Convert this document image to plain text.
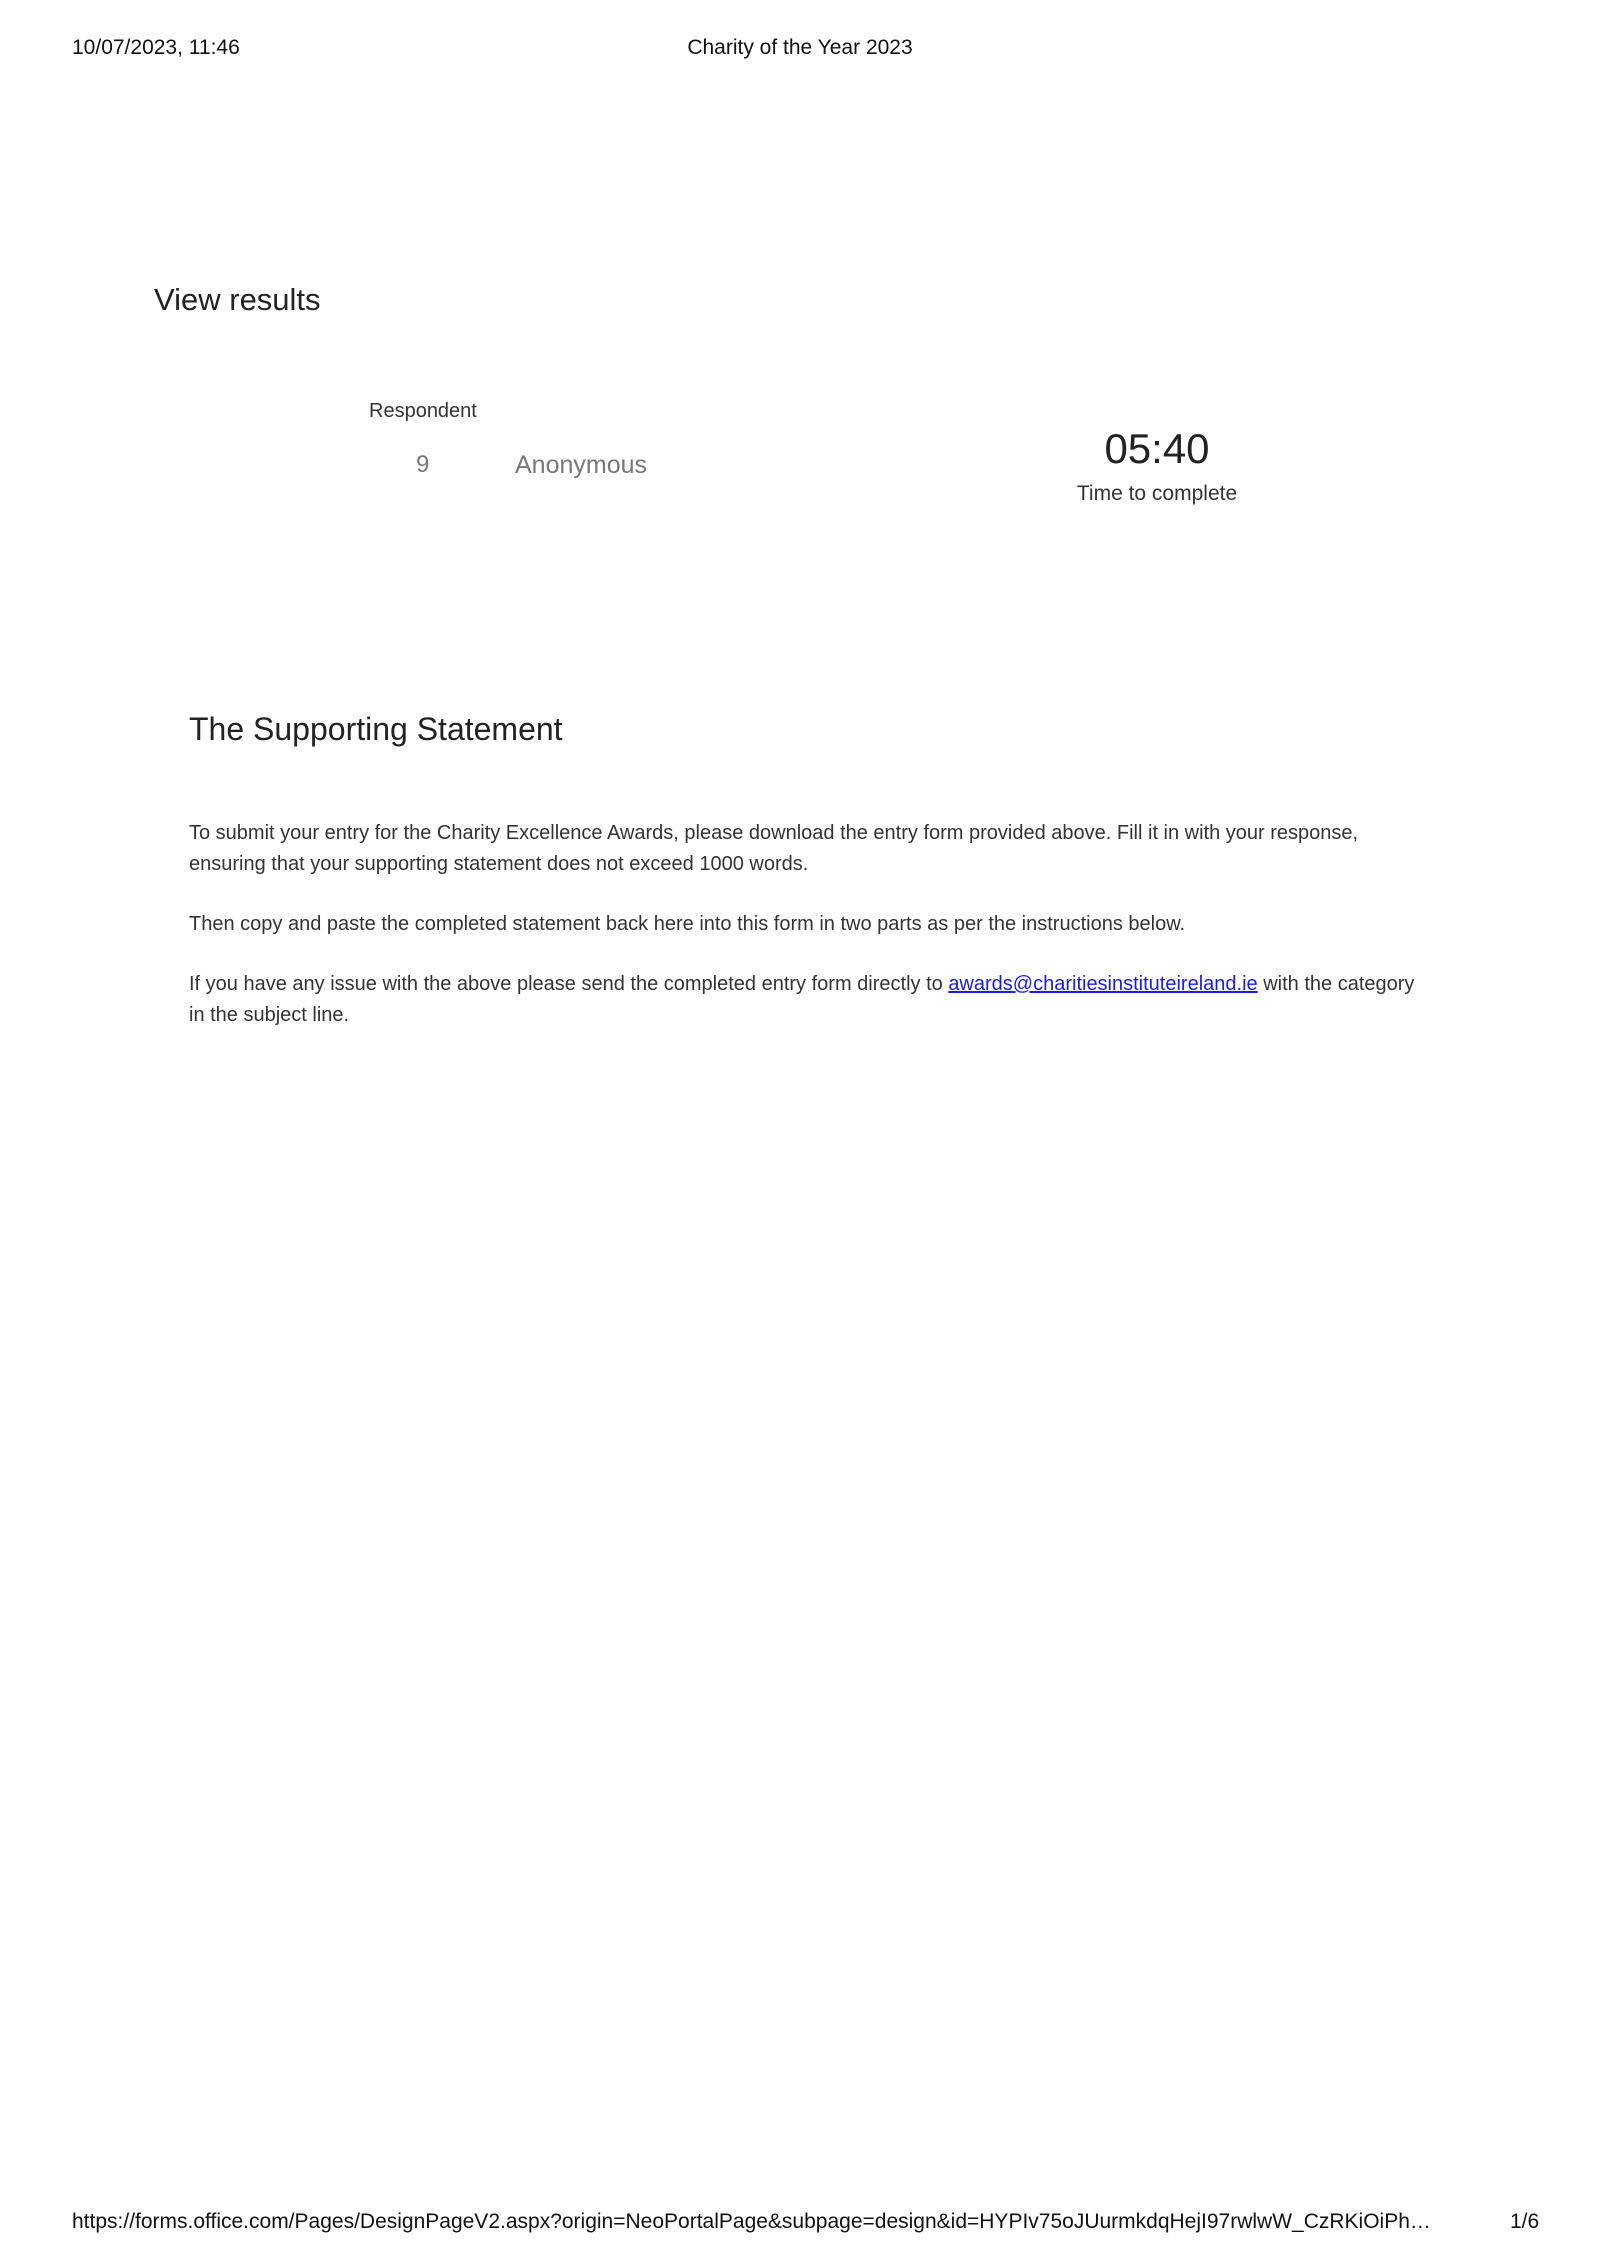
10/07/2023, 11:46	Charity of the Year 2023
View results
Respondent
9	Anonymous	05:40
Time to complete
The Supporting Statement
To submit your entry for the Charity Excellence Awards, please download the entry form provided above. Fill it in with your response, ensuring that your supporting statement does not exceed 1000 words.
Then copy and paste the completed statement back here into this form in two parts as per the instructions below.
If you have any issue with the above please send the completed entry form directly to awards@charitiesinstituteireland.ie with the category in the subject line.
https://forms.office.com/Pages/DesignPageV2.aspx?origin=NeoPortalPage&subpage=design&id=HYPIv75oJUurmkdqHejI97rwlwW_CzRKiOiPh…	1/6
